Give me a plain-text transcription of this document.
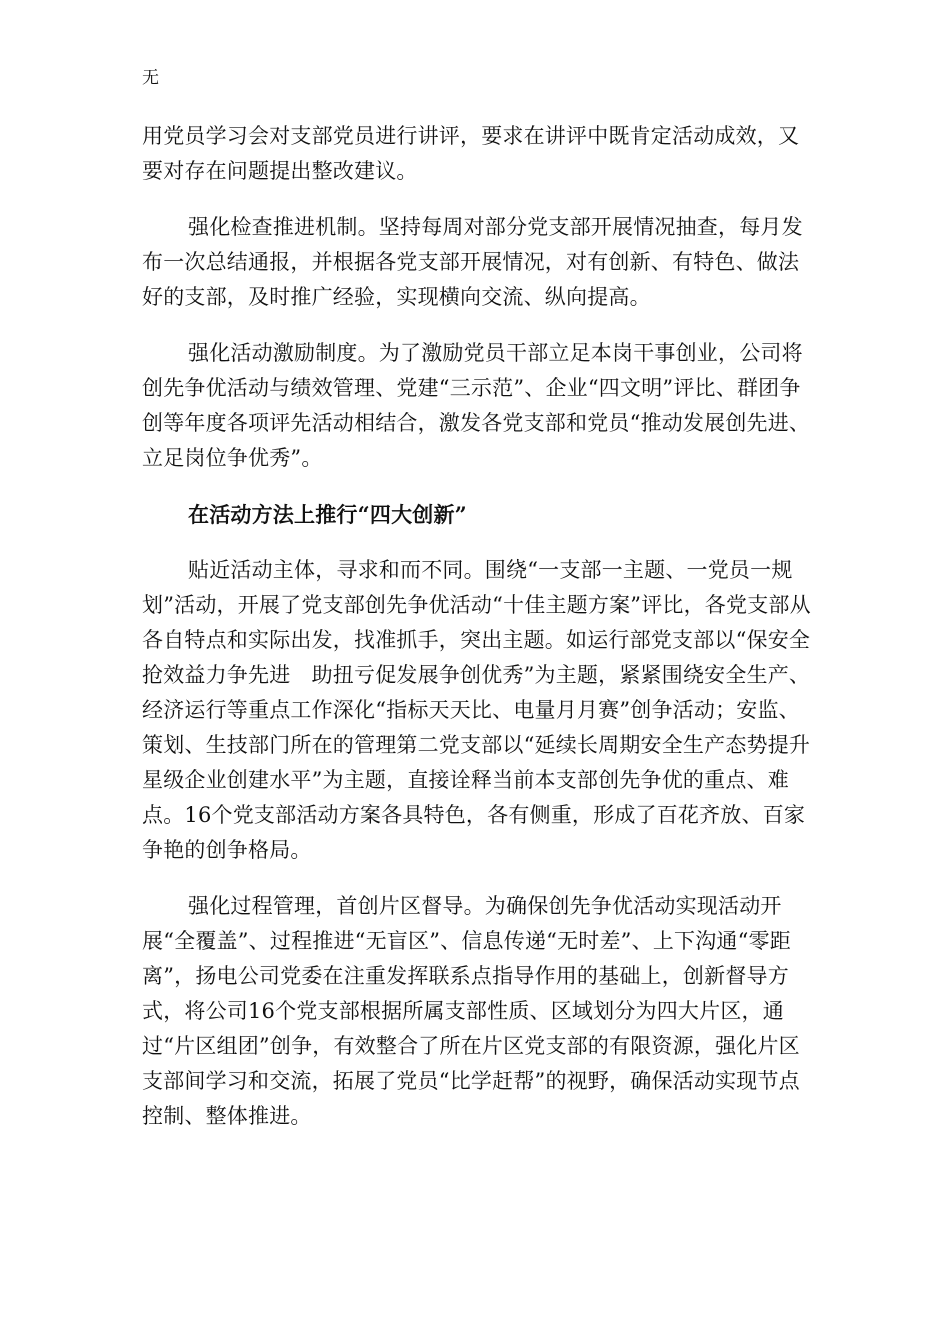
无

用党员学习会对支部党员进行讲评，要求在讲评中既肯定活动成效，又要对存在问题提出整改建议。

强化检查推进机制。坚持每周对部分党支部开展情况抽查，每月发布一次总结通报，并根据各党支部开展情况，对有创新、有特色、做法好的支部，及时推广经验，实现横向交流、纵向提高。

强化活动激励制度。为了激励党员干部立足本岗干事创业，公司将创先争优活动与绩效管理、党建“三示范”、企业“四文明”评比、群团争创等年度各项评先活动相结合，激发各党支部和党员“推动发展创先进、立足岗位争优秀”。

在活动方法上推行“四大创新”

贴近活动主体，寻求和而不同。围绕“一支部一主题、一党员一规划”活动，开展了党支部创先争优活动“十佳主题方案”评比，各党支部从各自特点和实际出发，找准抓手，突出主题。如运行部党支部以“保安全抢效益力争先进　助扭亏促发展争创优秀”为主题，紧紧围绕安全生产、经济运行等重点工作深化“指标天天比、电量月月赛”创争活动；安监、策划、生技部门所在的管理第二党支部以“延续长周期安全生产态势提升星级企业创建水平”为主题，直接诠释当前本支部创先争优的重点、难点。16个党支部活动方案各具特色，各有侧重，形成了百花齐放、百家争艳的创争格局。

强化过程管理，首创片区督导。为确保创先争优活动实现活动开展“全覆盖”、过程推进“无盲区”、信息传递“无时差”、上下沟通“零距离”，扬电公司党委在注重发挥联系点指导作用的基础上，创新督导方式，将公司16个党支部根据所属支部性质、区域划分为四大片区，通过“片区组团”创争，有效整合了所在片区党支部的有限资源，强化片区支部间学习和交流，拓展了党员“比学赶帮”的视野，确保活动实现节点控制、整体推进。
